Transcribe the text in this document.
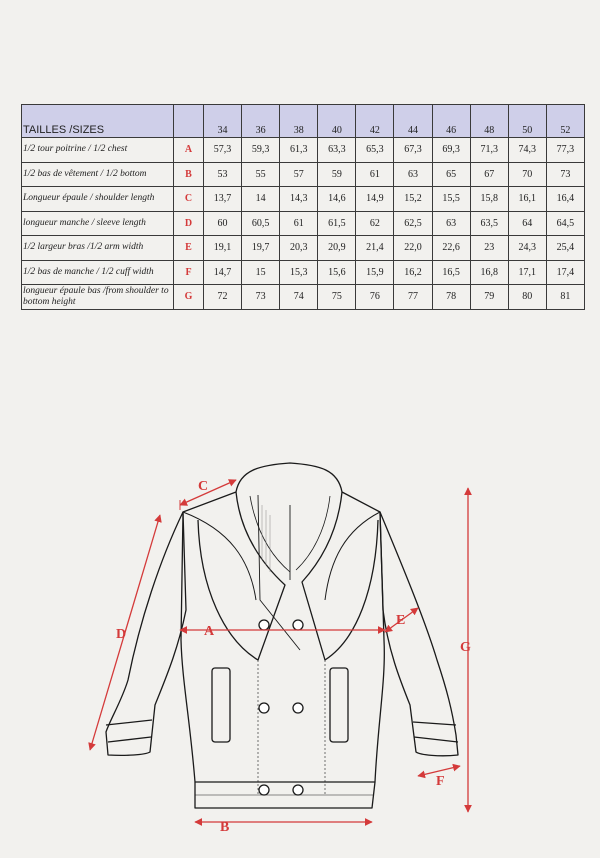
TAILLES /SIZES		34	36	38	40	42	44	46	48	50	52
1/2 tour poitrine / 1/2 chest	A	57,3	59,3	61,3	63,3	65,3	67,3	69,3	71,3	74,3	77,3
1/2 bas de vêtement / 1/2 bottom	B	53	55	57	59	61	63	65	67	70	73
Longueur épaule / shoulder length	C	13,7	14	14,3	14,6	14,9	15,2	15,5	15,8	16,1	16,4
longueur manche / sleeve length	D	60	60,5	61	61,5	62	62,5	63	63,5	64	64,5
1/2 largeur bras /1/2 arm width	E	19,1	19,7	20,3	20,9	21,4	22,0	22,6	23	24,3	25,4
1/2 bas de manche / 1/2 cuff width	F	14,7	15	15,3	15,6	15,9	16,2	16,5	16,8	17,1	17,4
longueur épaule bas /from shoulder to bottom height	G	72	73	74	75	76	77	78	79	80	81
A
B
C
D
E
F
G
